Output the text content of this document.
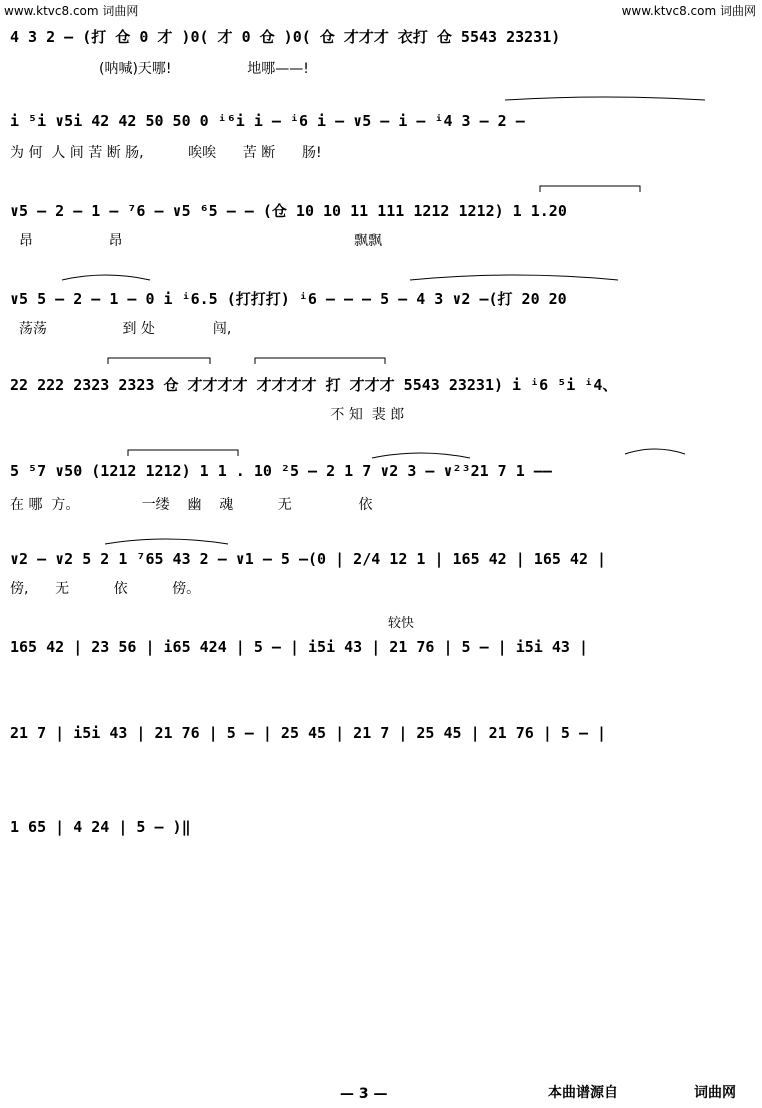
www.ktvc8.com 词曲网	www.ktvc8.com 词曲网
4 3 2 — (打 仓 0 才 )0( 才 0 仓 )0( 仓 才才才 衣打 仓 5543 23231)
(呐喊)天哪!                 地哪——!
i ⁵i ∨5i 42 42 50 50 0 ⁱ⁶i i — ⁱ6 i — ∨5 — i — ⁱ4 3 — 2 —
为 何  人 间 苦 断 肠,          唉唉      苦 断      肠!
∨5 — 2 — 1 — ⁷6 — ∨5 ⁶5 — — (仓 10 10 11 111 1212 1212) 1 1.20
昂                 昂                                                    飘飘
∨5 5 — 2 — 1 — 0 i ⁱ6.5 (打打打) ⁱ6 — — — 5 — 4 3 ∨2 —(打 20 20
荡荡                 到 处             闯,
22 222 2323 2323 仓 才才才才 才才才才 打 才才才 5543 23231) i ⁱ6 ⁵i ⁱ4、
不 知  裴 郎
5 ⁵7 ∨50 (1212 1212) 1 1 . 10 ²5 — 2 1 7 ∨2 3 — ∨²³21 7 1 ——
在 哪  方。              一缕    幽    魂          无               依
∨2 — ∨2 5 2 1 ⁷65 43 2 — ∨1 — 5 —(0 | 2/4 12 1 | 165 42 | 165 42 |
傍,      无          依          傍。
较快
165 42 | 23 56 | i65 424 | 5 — | i5i 43 | 21 76 | 5 — | i5i 43 |
21 7 | i5i 43 | 21 76 | 5 — | 25 45 | 21 7 | 25 45 | 21 76 | 5 — |
1 65 | 4 24 | 5 — )‖
— 3 —	本曲谱源自	词曲网
